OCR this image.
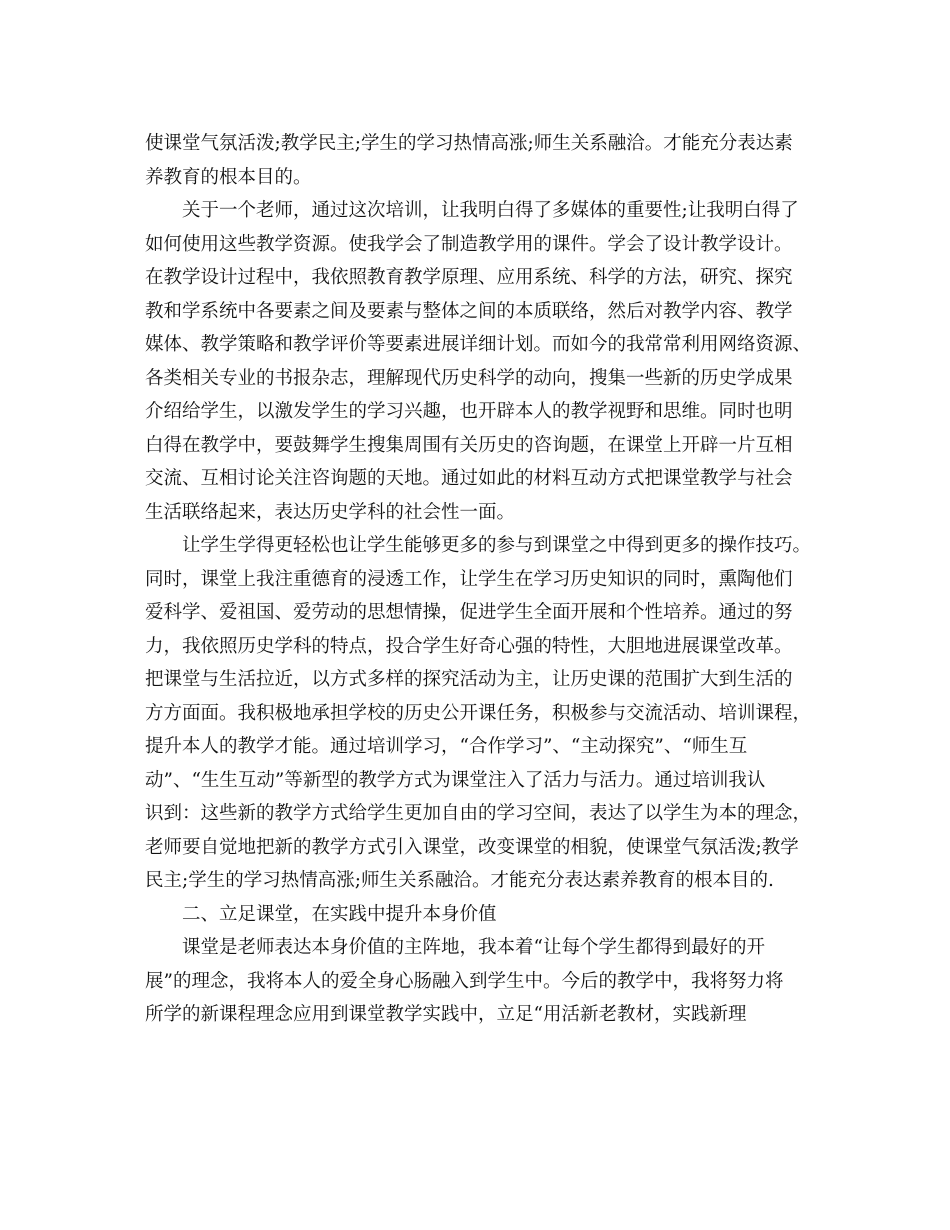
使课堂气氛活泼;教学民主;学生的学习热情高涨;师生关系融洽。才能充分表达素
养教育的根本目的。
关于一个老师，通过这次培训，让我明白得了多媒体的重要性;让我明白得了
如何使用这些教学资源。使我学会了制造教学用的课件。学会了设计教学设计。
在教学设计过程中，我依照教育教学原理、应用系统、科学的方法，研究、探究
教和学系统中各要素之间及要素与整体之间的本质联络，然后对教学内容、教学
媒体、教学策略和教学评价等要素进展详细计划。而如今的我常常利用网络资源、
各类相关专业的书报杂志，理解现代历史科学的动向，搜集一些新的历史学成果
介绍给学生，以激发学生的学习兴趣，也开辟本人的教学视野和思维。同时也明
白得在教学中，要鼓舞学生搜集周围有关历史的咨询题，在课堂上开辟一片互相
交流、互相讨论关注咨询题的天地。通过如此的材料互动方式把课堂教学与社会
生活联络起来，表达历史学科的社会性一面。
让学生学得更轻松也让学生能够更多的参与到课堂之中得到更多的操作技巧。
同时，课堂上我注重德育的浸透工作，让学生在学习历史知识的同时，熏陶他们
爱科学、爱祖国、爱劳动的思想情操，促进学生全面开展和个性培养。通过的努
力，我依照历史学科的特点，投合学生好奇心强的特性，大胆地进展课堂改革。
把课堂与生活拉近，以方式多样的探究活动为主，让历史课的范围扩大到生活的
方方面面。我积极地承担学校的历史公开课任务，积极参与交流活动、培训课程，
提升本人的教学才能。通过培训学习，“合作学习”、“主动探究”、“师生互
动”、“生生互动”等新型的教学方式为课堂注入了活力与活力。通过培训我认
识到：这些新的教学方式给学生更加自由的学习空间，表达了以学生为本的理念，
老师要自觉地把新的教学方式引入课堂，改变课堂的相貌，使课堂气氛活泼;教学
民主;学生的学习热情高涨;师生关系融洽。才能充分表达素养教育的根本目的.
二、立足课堂，在实践中提升本身价值
课堂是老师表达本身价值的主阵地，我本着“让每个学生都得到最好的开
展”的理念，我将本人的爱全身心肠融入到学生中。今后的教学中，我将努力将
所学的新课程理念应用到课堂教学实践中，立足“用活新老教材，实践新理
